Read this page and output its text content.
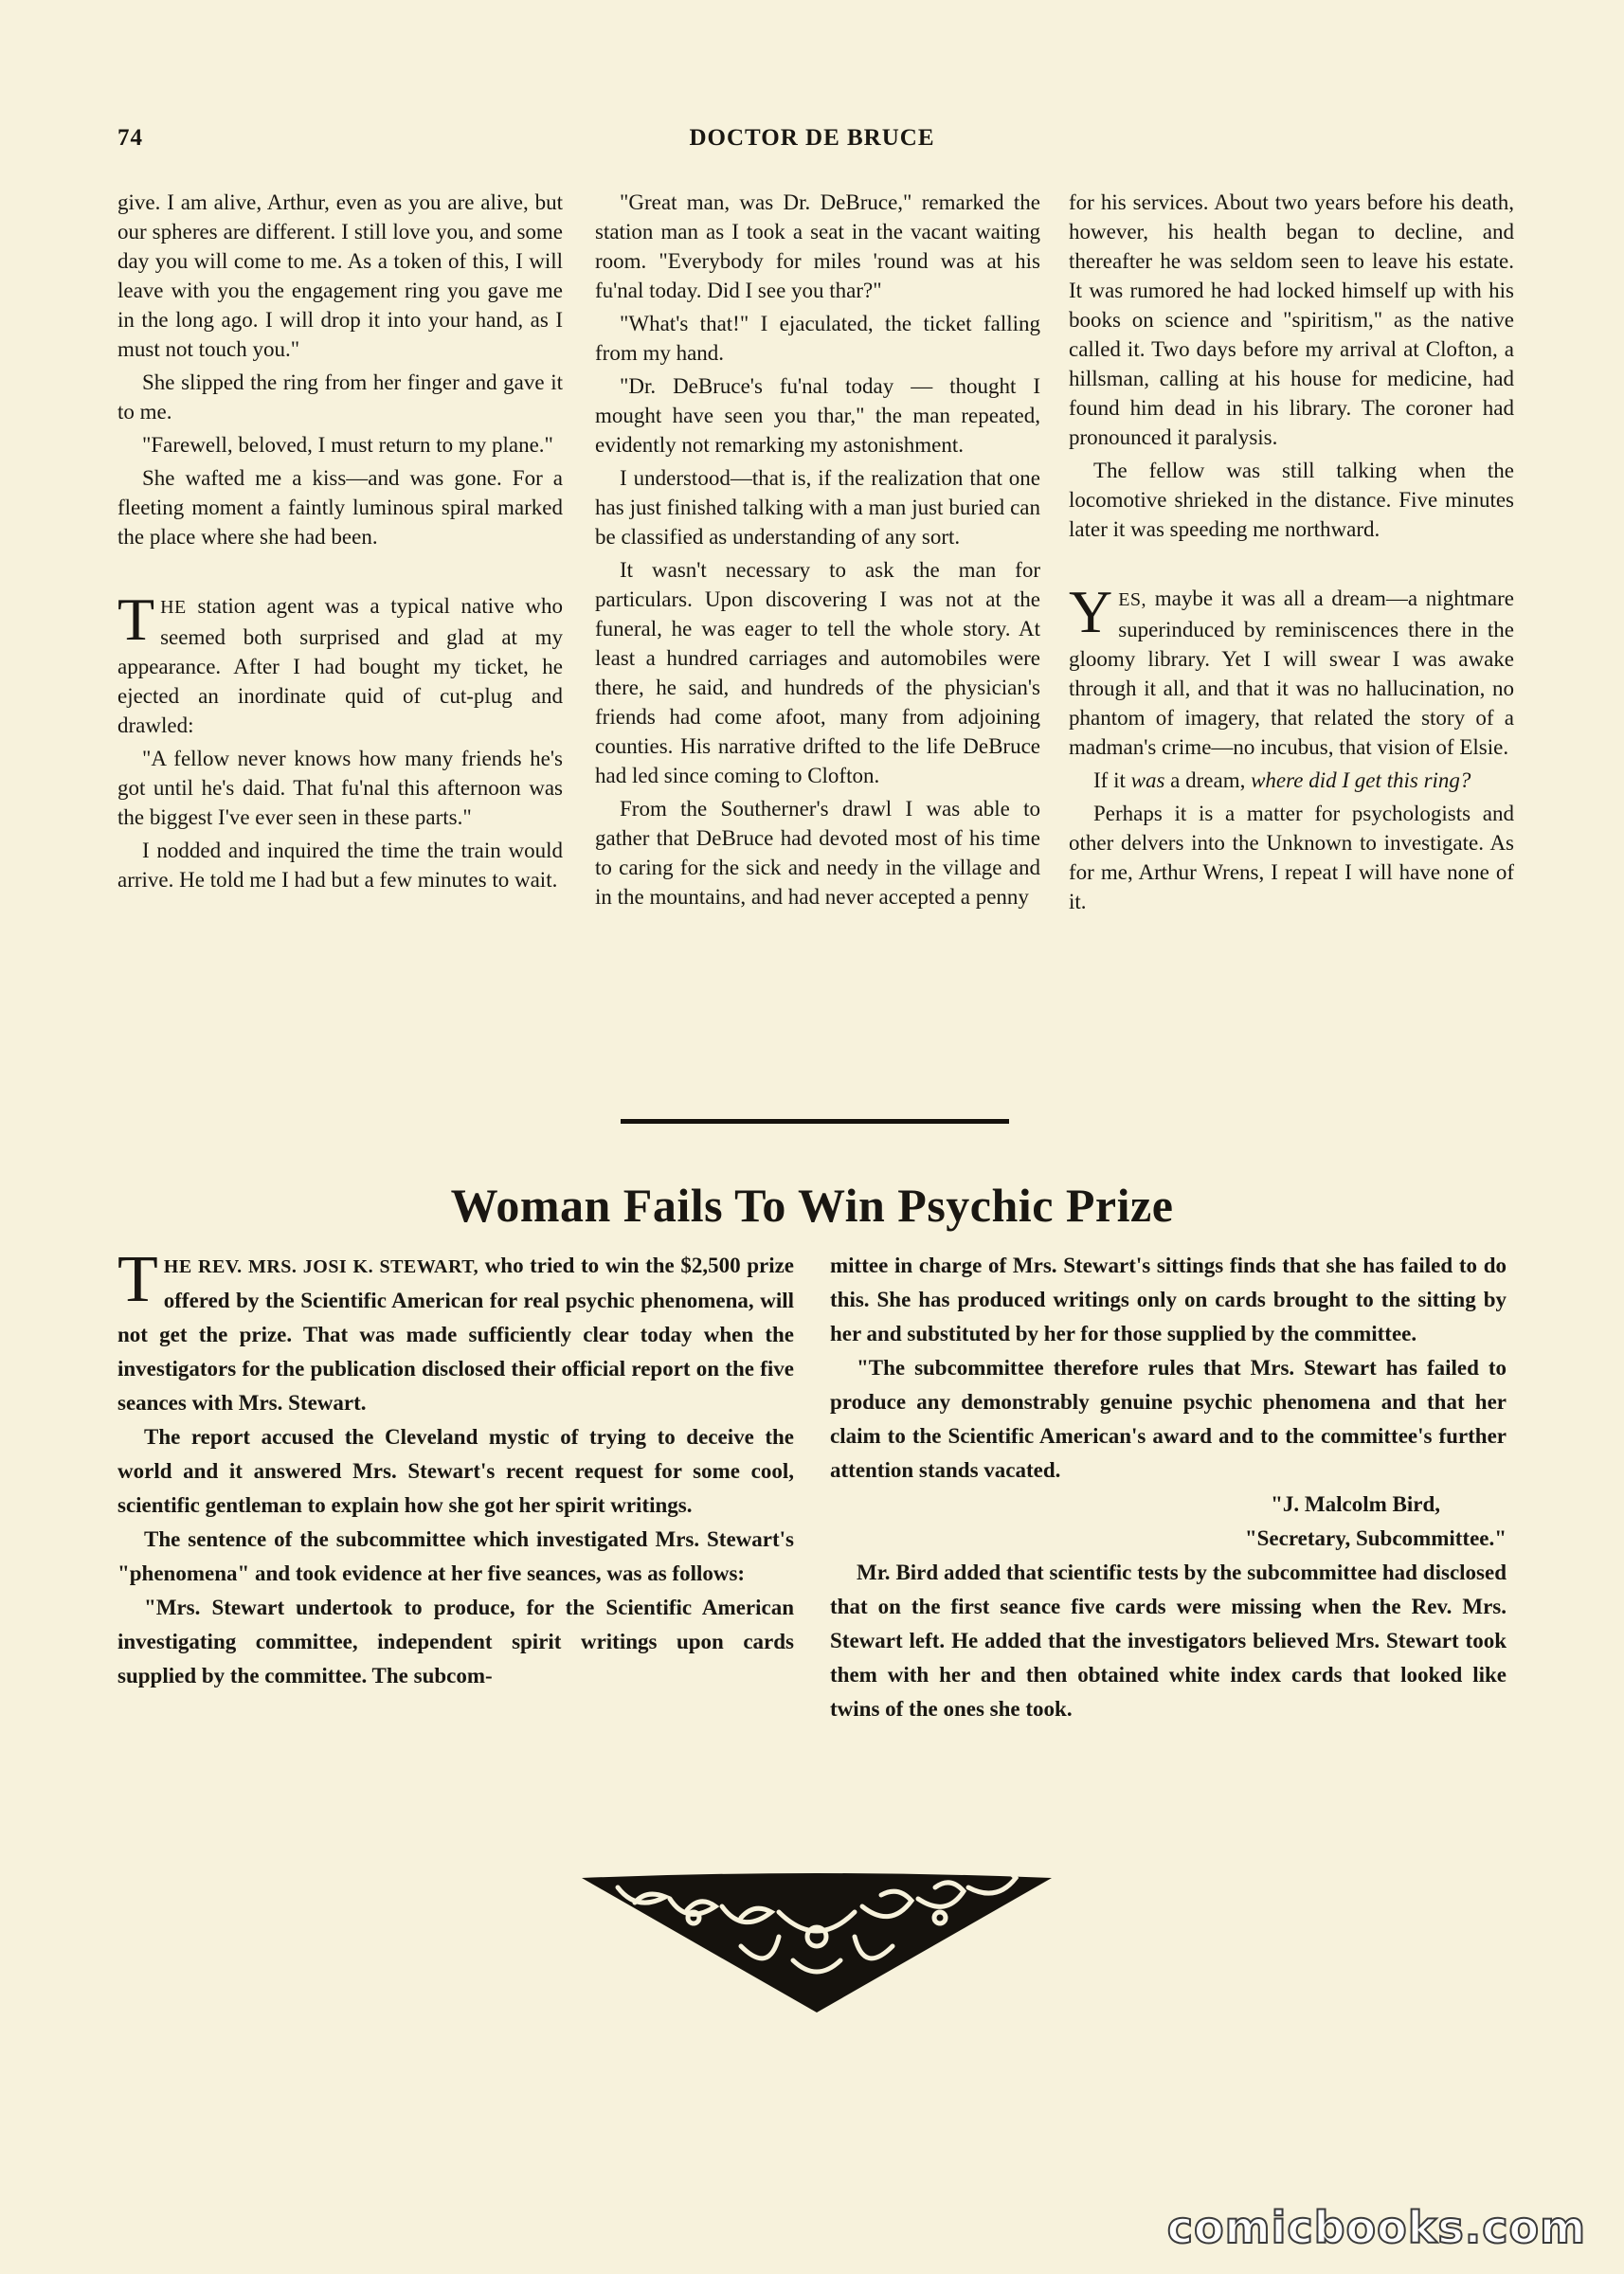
74	DOCTOR DE BRUCE

give. I am alive, Arthur, even as you are alive, but our spheres are different. I still love you, and some day you will come to me. As a token of this, I will leave with you the engagement ring you gave me in the long ago. I will drop it into your hand, as I must not touch you."

She slipped the ring from her finger and gave it to me.

"Farewell, beloved, I must return to my plane."

She wafted me a kiss—and was gone. For a fleeting moment a faintly luminous spiral marked the place where she had been.

THE station agent was a typical native who seemed both surprised and glad at my appearance. After I had bought my ticket, he ejected an inordinate quid of cut-plug and drawled:

"A fellow never knows how many friends he's got until he's daid. That fu'nal this afternoon was the biggest I've ever seen in these parts."

I nodded and inquired the time the train would arrive. He told me I had but a few minutes to wait.

"Great man, was Dr. DeBruce," remarked the station man as I took a seat in the vacant waiting room. "Everybody for miles 'round was at his fu'nal today. Did I see you thar?"

"What's that!" I ejaculated, the ticket falling from my hand.

"Dr. DeBruce's fu'nal today — thought I mought have seen you thar," the man repeated, evidently not remarking my astonishment.

I understood—that is, if the realization that one has just finished talking with a man just buried can be classified as understanding of any sort.

It wasn't necessary to ask the man for particulars. Upon discovering I was not at the funeral, he was eager to tell the whole story. At least a hundred carriages and automobiles were there, he said, and hundreds of the physician's friends had come afoot, many from adjoining counties. His narrative drifted to the life DeBruce had led since coming to Clofton.

From the Southerner's drawl I was able to gather that DeBruce had devoted most of his time to caring for the sick and needy in the village and in the mountains, and had never accepted a penny

for his services. About two years before his death, however, his health began to decline, and thereafter he was seldom seen to leave his estate. It was rumored he had locked himself up with his books on science and "spiritism," as the native called it. Two days before my arrival at Clofton, a hillsman, calling at his house for medicine, had found him dead in his library. The coroner had pronounced it paralysis.

The fellow was still talking when the locomotive shrieked in the distance. Five minutes later it was speeding me northward.

YES, maybe it was all a dream—a nightmare superinduced by reminiscences there in the gloomy library. Yet I will swear I was awake through it all, and that it was no hallucination, no phantom of imagery, that related the story of a madman's crime—no incubus, that vision of Elsie.

If it was a dream, where did I get this ring?

Perhaps it is a matter for psychologists and other delvers into the Unknown to investigate. As for me, Arthur Wrens, I repeat I will have none of it.

Woman Fails To Win Psychic Prize

THE REV. MRS. JOSI K. STEWART, who tried to win the $2,500 prize offered by the Scientific American for real psychic phenomena, will not get the prize. That was made sufficiently clear today when the investigators for the publication disclosed their official report on the five seances with Mrs. Stewart.

The report accused the Cleveland mystic of trying to deceive the world and it answered Mrs. Stewart's recent request for some cool, scientific gentleman to explain how she got her spirit writings.

The sentence of the subcommittee which investigated Mrs. Stewart's "phenomena" and took evidence at her five seances, was as follows:

"Mrs. Stewart undertook to produce, for the Scientific American investigating committee, independent spirit writings upon cards supplied by the committee. The subcom-

mittee in charge of Mrs. Stewart's sittings finds that she has failed to do this. She has produced writings only on cards brought to the sitting by her and substituted by her for those supplied by the committee.

"The subcommittee therefore rules that Mrs. Stewart has failed to produce any demonstrably genuine psychic phenomena and that her claim to the Scientific American's award and to the committee's further attention stands vacated.

"J. Malcolm Bird,
"Secretary, Subcommittee."

Mr. Bird added that scientific tests by the subcommittee had disclosed that on the first seance five cards were missing when the Rev. Mrs. Stewart left. He added that the investigators believed Mrs. Stewart took them with her and then obtained white index cards that looked like twins of the ones she took.

comicbooks.com
